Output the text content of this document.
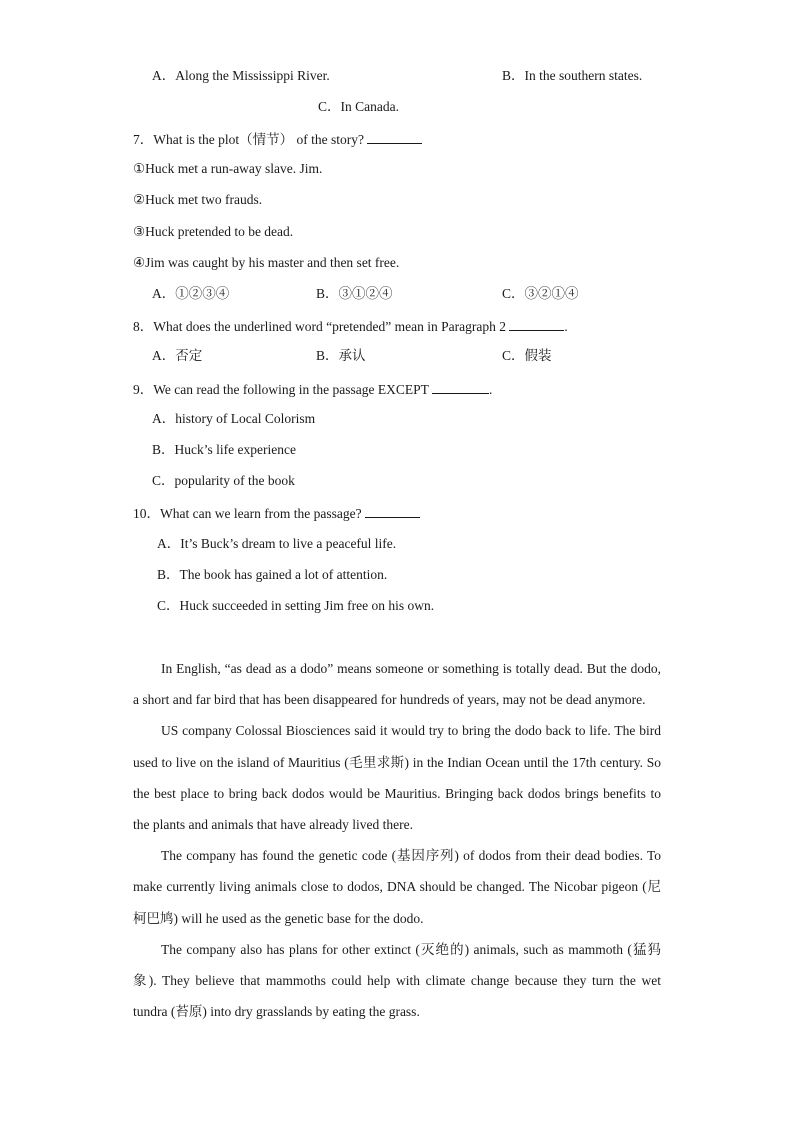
A．Along the Mississippi River.	B．In the southern states.
C．In Canada.
7．What is the plot（情节） of the story?
①Huck met a run-away slave. Jim.
②Huck met two frauds.
③Huck pretended to be dead.
④Jim was caught by his master and then set free.
A．①②③④	B．③①②④	C．③②①④
8．What does the underlined word “pretended” mean in Paragraph 2	.
A．否定	B．承认	C．假装
9．We can read the following in the passage EXCEPT	.
A．history of Local Colorism
B．Huck’s life experience
C．popularity of the book
10．What can we learn from the passage?
A．It’s Buck’s dream to live a peaceful life.
B．The book has gained a lot of attention.
C．Huck succeeded in setting Jim free on his own.

In English, “as dead as a dodo” means someone or something is totally dead. But the dodo, a short and far bird that has been disappeared for hundreds of years, may not be dead anymore.

US company Colossal Biosciences said it would try to bring the dodo back to life. The bird used to live on the island of Mauritius (毛里求斯) in the Indian Ocean until the 17th century. So the best place to bring back dodos would be Mauritius. Bringing back dodos brings benefits to the plants and animals that have already lived there.

The company has found the genetic code (基因序列) of dodos from their dead bodies. To make currently living animals close to dodos, DNA should be changed. The Nicobar pigeon (尼柯巴鸠) will he used as the genetic base for the dodo.

The company also has plans for other extinct (灭绝的) animals, such as mammoth (猛犸象). They believe that mammoths could help with climate change because they turn the wet tundra (苔原) into dry grasslands by eating the grass.
